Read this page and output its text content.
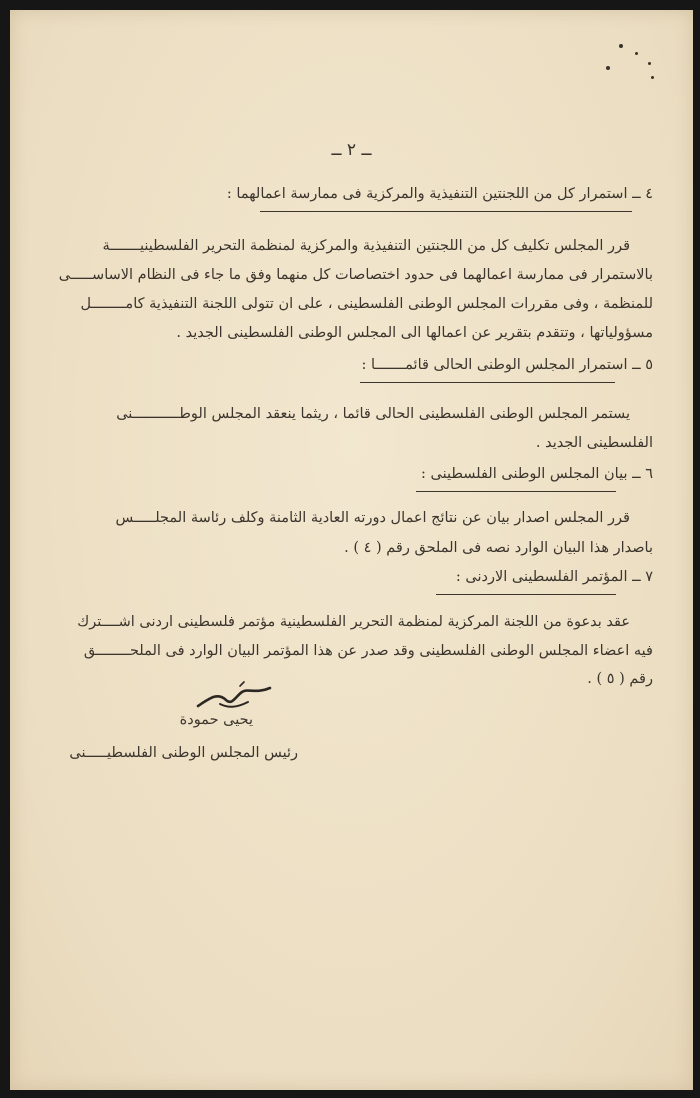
ــ ٢ ــ
٤ ــ استمرار كل من اللجنتين التنفيذية والمركزية فى ممارسة اعمالهما :
قرر المجلس تكليف كل من اللجنتين التنفيذية والمركزية لمنظمة التحرير الفلسطينيـــــــة
بالاستمرار فى ممارسة اعمالهما فى حدود اختصاصات كل منهما وفق ما جاء فى النظام الاساســـــى
للمنظمة ، وفى مقررات المجلس الوطنى الفلسطينى ، على ان تتولى اللجنة التنفيذية كامــــــــل
مسؤولياتها ، وتتقدم بتقرير عن اعمالها الى المجلس الوطنى الفلسطينى الجديد .
٥ ــ استمرار المجلس الوطنى الحالى قائمـــــــا :
يستمر المجلس الوطنى الفلسطينى الحالى قائما ، ريثما ينعقد المجلس الوطـــــــــــنى
الفلسطينى الجديد .
٦ ــ بيان المجلس الوطنى الفلسطينى :
قرر المجلس اصدار بيان عن نتائج اعمال دورته العادية الثامنة وكلف رئاسة المجلـــــس
باصدار هذا البيان الوارد نصه فى الملحق رقم ( ٤ ) .
٧ ــ المؤتمر الفلسطينى الاردنى :
عقد بدعوة من اللجنة المركزية لمنظمة التحرير الفلسطينية مؤتمر فلسطينى اردنى اشــــترك
فيه اعضاء المجلس الوطنى الفلسطينى وقد صدر عن هذا المؤتمر البيان الوارد فى الملحــــــــق
رقم ( ٥ ) .
يحيى حمودة
رئيس المجلس الوطنى الفلسطيـــــنى
